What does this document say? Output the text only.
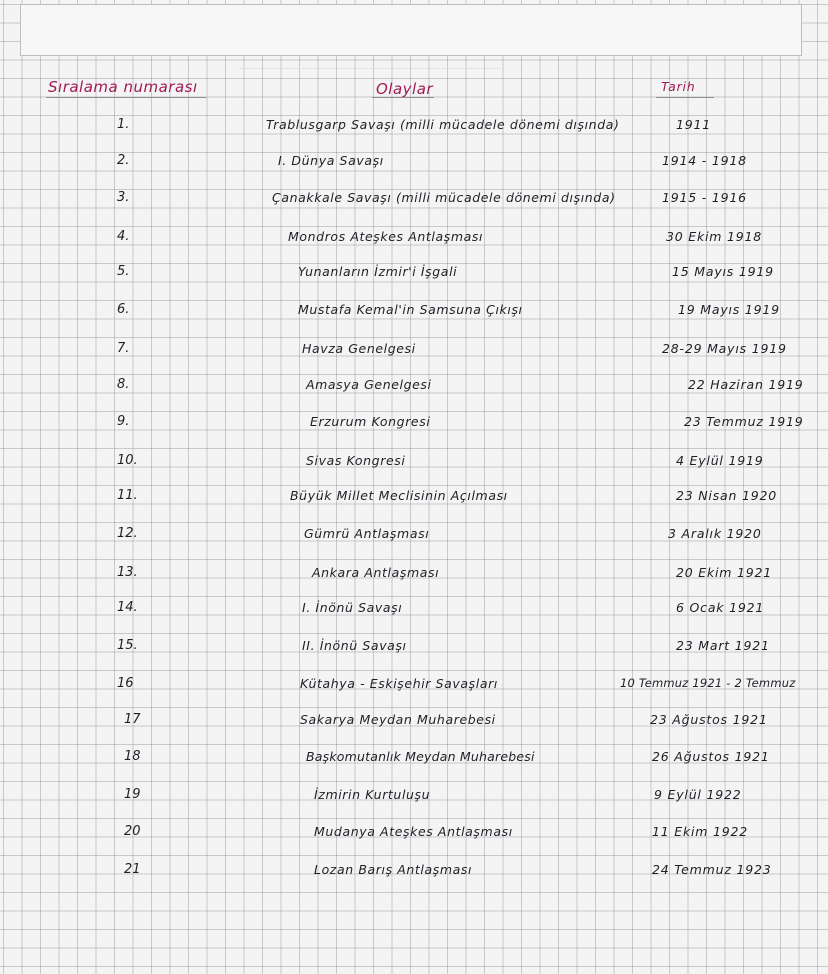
Sıralama numarası	Olaylar	Tarih
1.	Trablusgarp Savaşı (milli mücadele dönemi dışında)	1911
2.	I. Dünya Savaşı	1914 - 1918
3.	Çanakkale Savaşı (milli mücadele dönemi dışında)	1915 - 1916
4.	Mondros Ateşkes Antlaşması	30 Ekim 1918
5.	Yunanların İzmir'i İşgali	15 Mayıs 1919
6.	Mustafa Kemal'in Samsuna Çıkışı	19 Mayıs 1919
7.	Havza Genelgesi	28-29 Mayıs 1919
8.	Amasya Genelgesi	22 Haziran 1919
9.	Erzurum Kongresi	23 Temmuz 1919
10.	Sivas Kongresi	4 Eylül 1919
11.	Büyük Millet Meclisinin Açılması	23 Nisan 1920
12.	Gümrü Antlaşması	3 Aralık 1920
13.	Ankara Antlaşması	20 Ekim 1921
14.	I. İnönü Savaşı	6 Ocak 1921
15.	II. İnönü Savaşı	23 Mart 1921
16	Kütahya - Eskişehir Savaşları	10 Temmuz 1921 - 2 Temmuz
17	Sakarya Meydan Muharebesi	23 Ağustos 1921
18	Başkomutanlık Meydan Muharebesi	26 Ağustos 1921
19	İzmirin Kurtuluşu	9 Eylül 1922
20	Mudanya Ateşkes Antlaşması	11 Ekim 1922
21	Lozan Barış Antlaşması	24 Temmuz 1923
